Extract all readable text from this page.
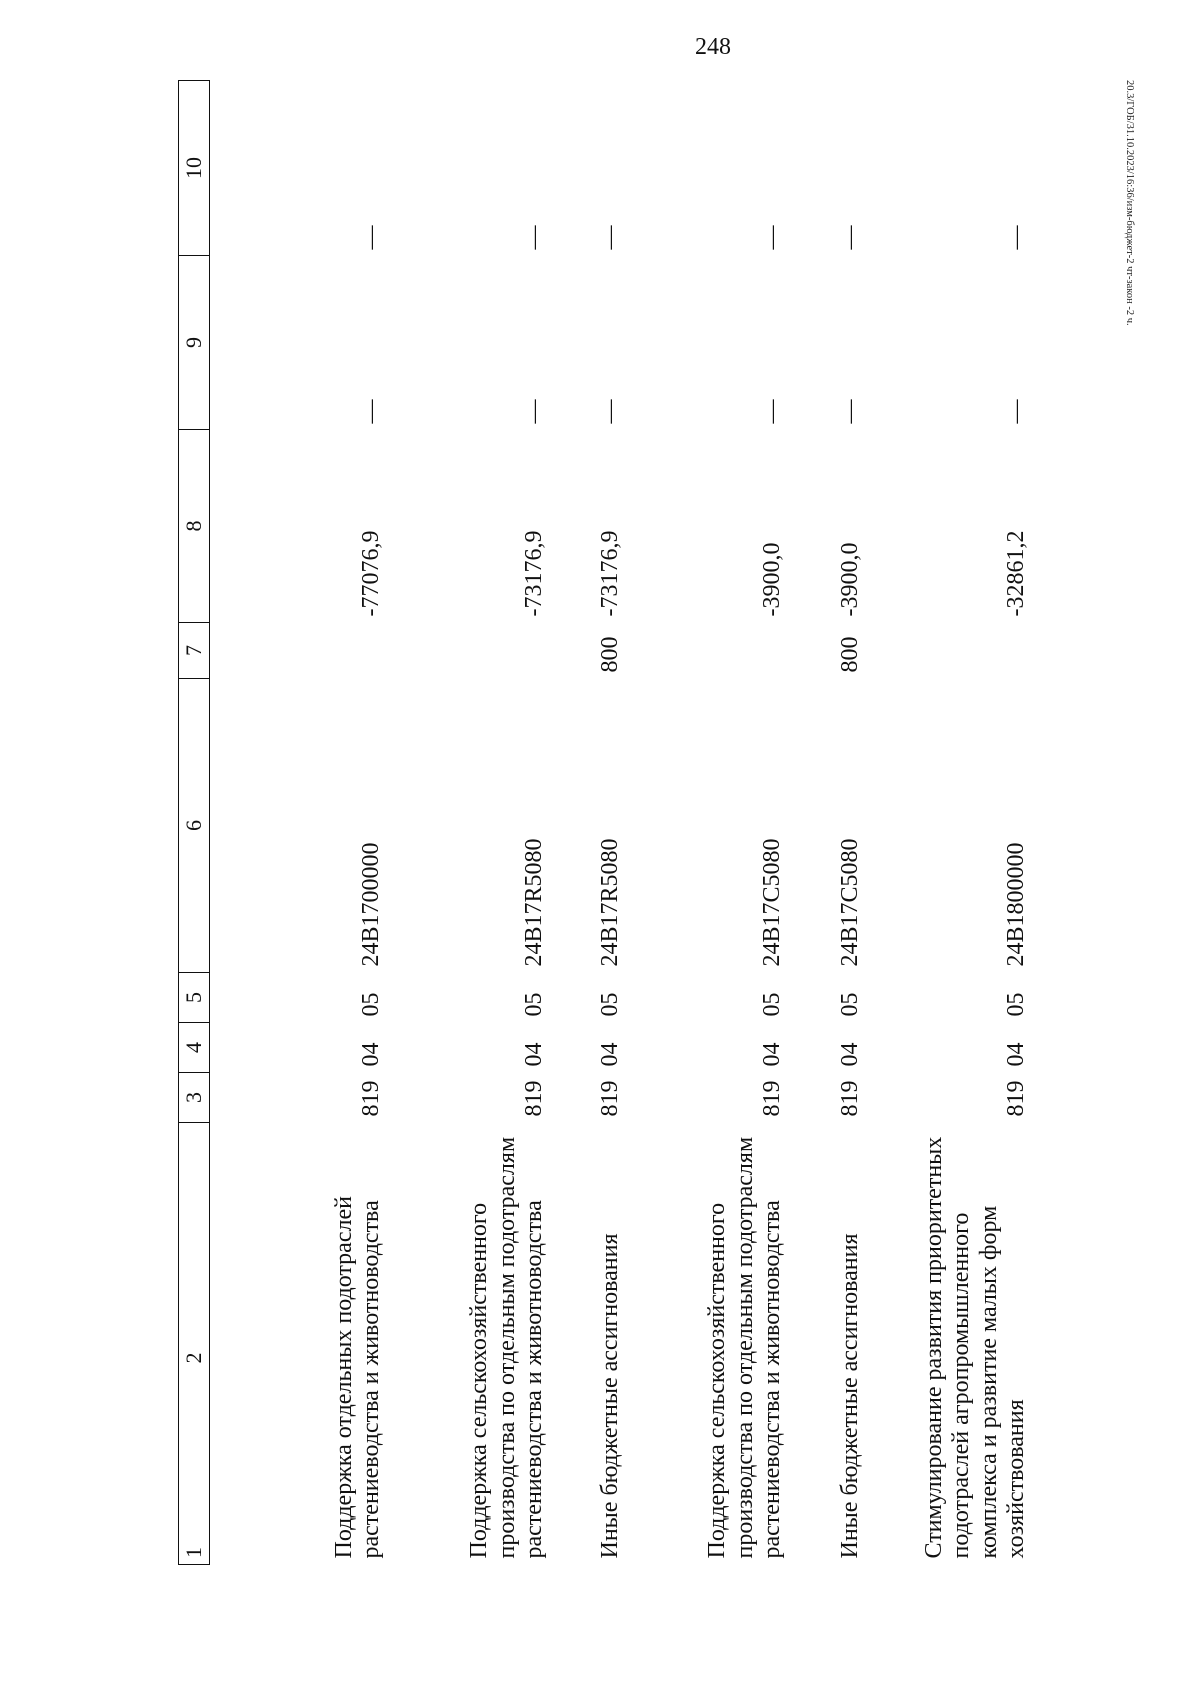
248
20.3/ГОБ/31.10.2023/16:36/изм-бюджет-2 чт-закон -2 ч.
1 2	3	4	5	6	7	8	9	10
Поддержка отдельных подотраслей растениеводства и животноводства	819	04	05	24В1700000		-77076,9	—	—
Поддержка сельскохозяйственного производства по отдельным подотраслям растениеводства и животноводства	819	04	05	24В17R5080		-73176,9	—	—
Иные бюджетные ассигнования	819	04	05	24В17R5080	800	-73176,9	—	—
Поддержка сельскохозяйственного производства по отдельным подотраслям растениеводства и животноводства	819	04	05	24В17С5080		-3900,0	—	—
Иные бюджетные ассигнования	819	04	05	24В17С5080	800	-3900,0	—	—
Стимулирование развития приоритетных подотраслей агропромышленного комплекса и развитие малых форм хозяйствования	819	04	05	24В1800000		-32861,2	—	—
